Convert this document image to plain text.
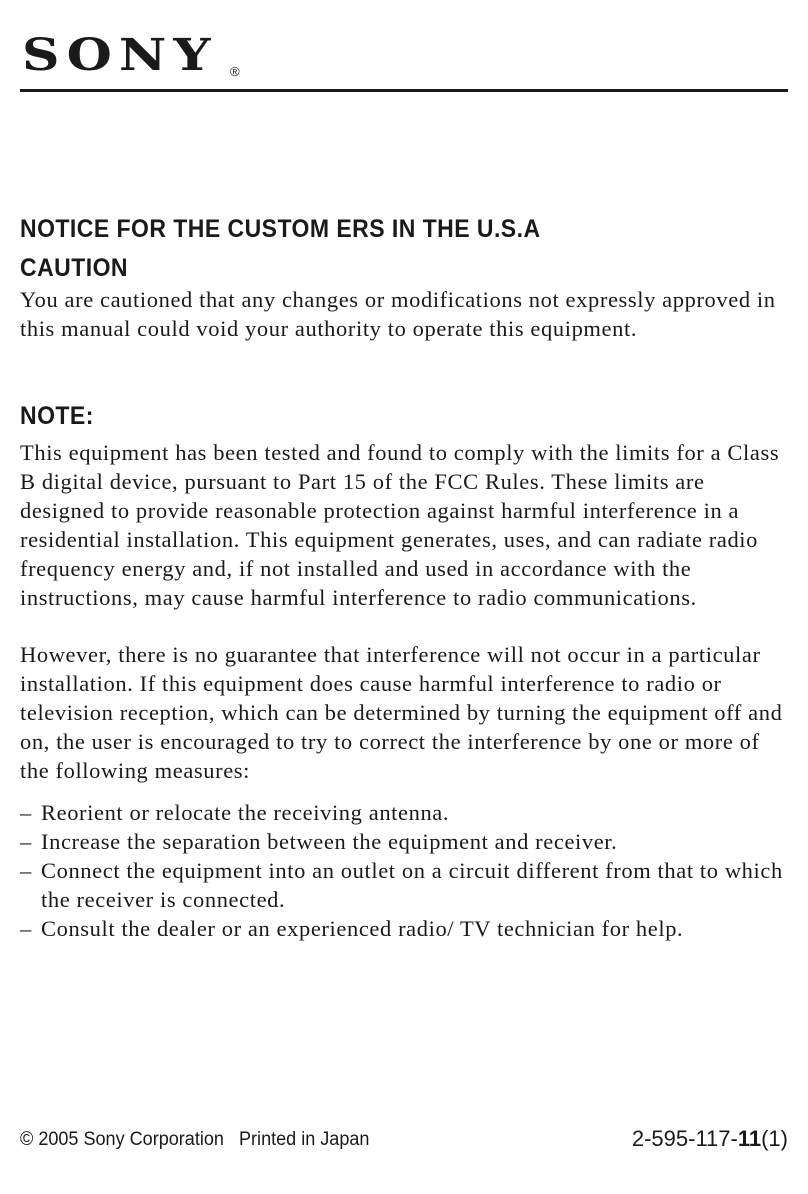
SONY ®
NOTICE FOR THE CUSTOM ERS IN THE U.S.A
CAUTION

You are cautioned that any changes or modifications not expressly approved in this manual could void your authority to operate this equipment.

NOTE:

This equipment has been tested and found to comply with the limits for a Class B digital device, pursuant to Part 15 of the FCC Rules. These limits are designed to provide reasonable protection against harmful interference in a residential installation. This equipment generates, uses, and can radiate radio frequency energy and, if not installed and used in accordance with the instructions, may cause harmful interference to radio communications.

However, there is no guarantee that interference will not occur in a particular installation. If this equipment does cause harmful interference to radio or television reception, which can be determined by turning the equipment off and on, the user is encouraged to try to correct the interference by one or more of the following measures:

– Reorient or relocate the receiving antenna.
– Increase the separation between the equipment and receiver.
– Connect the equipment into an outlet on a circuit different from that to which the receiver is connected.
– Consult the dealer or an experienced radio/ TV technician for help.
© 2005 Sony Corporation Printed in Japan	2-595-117-11(1)
